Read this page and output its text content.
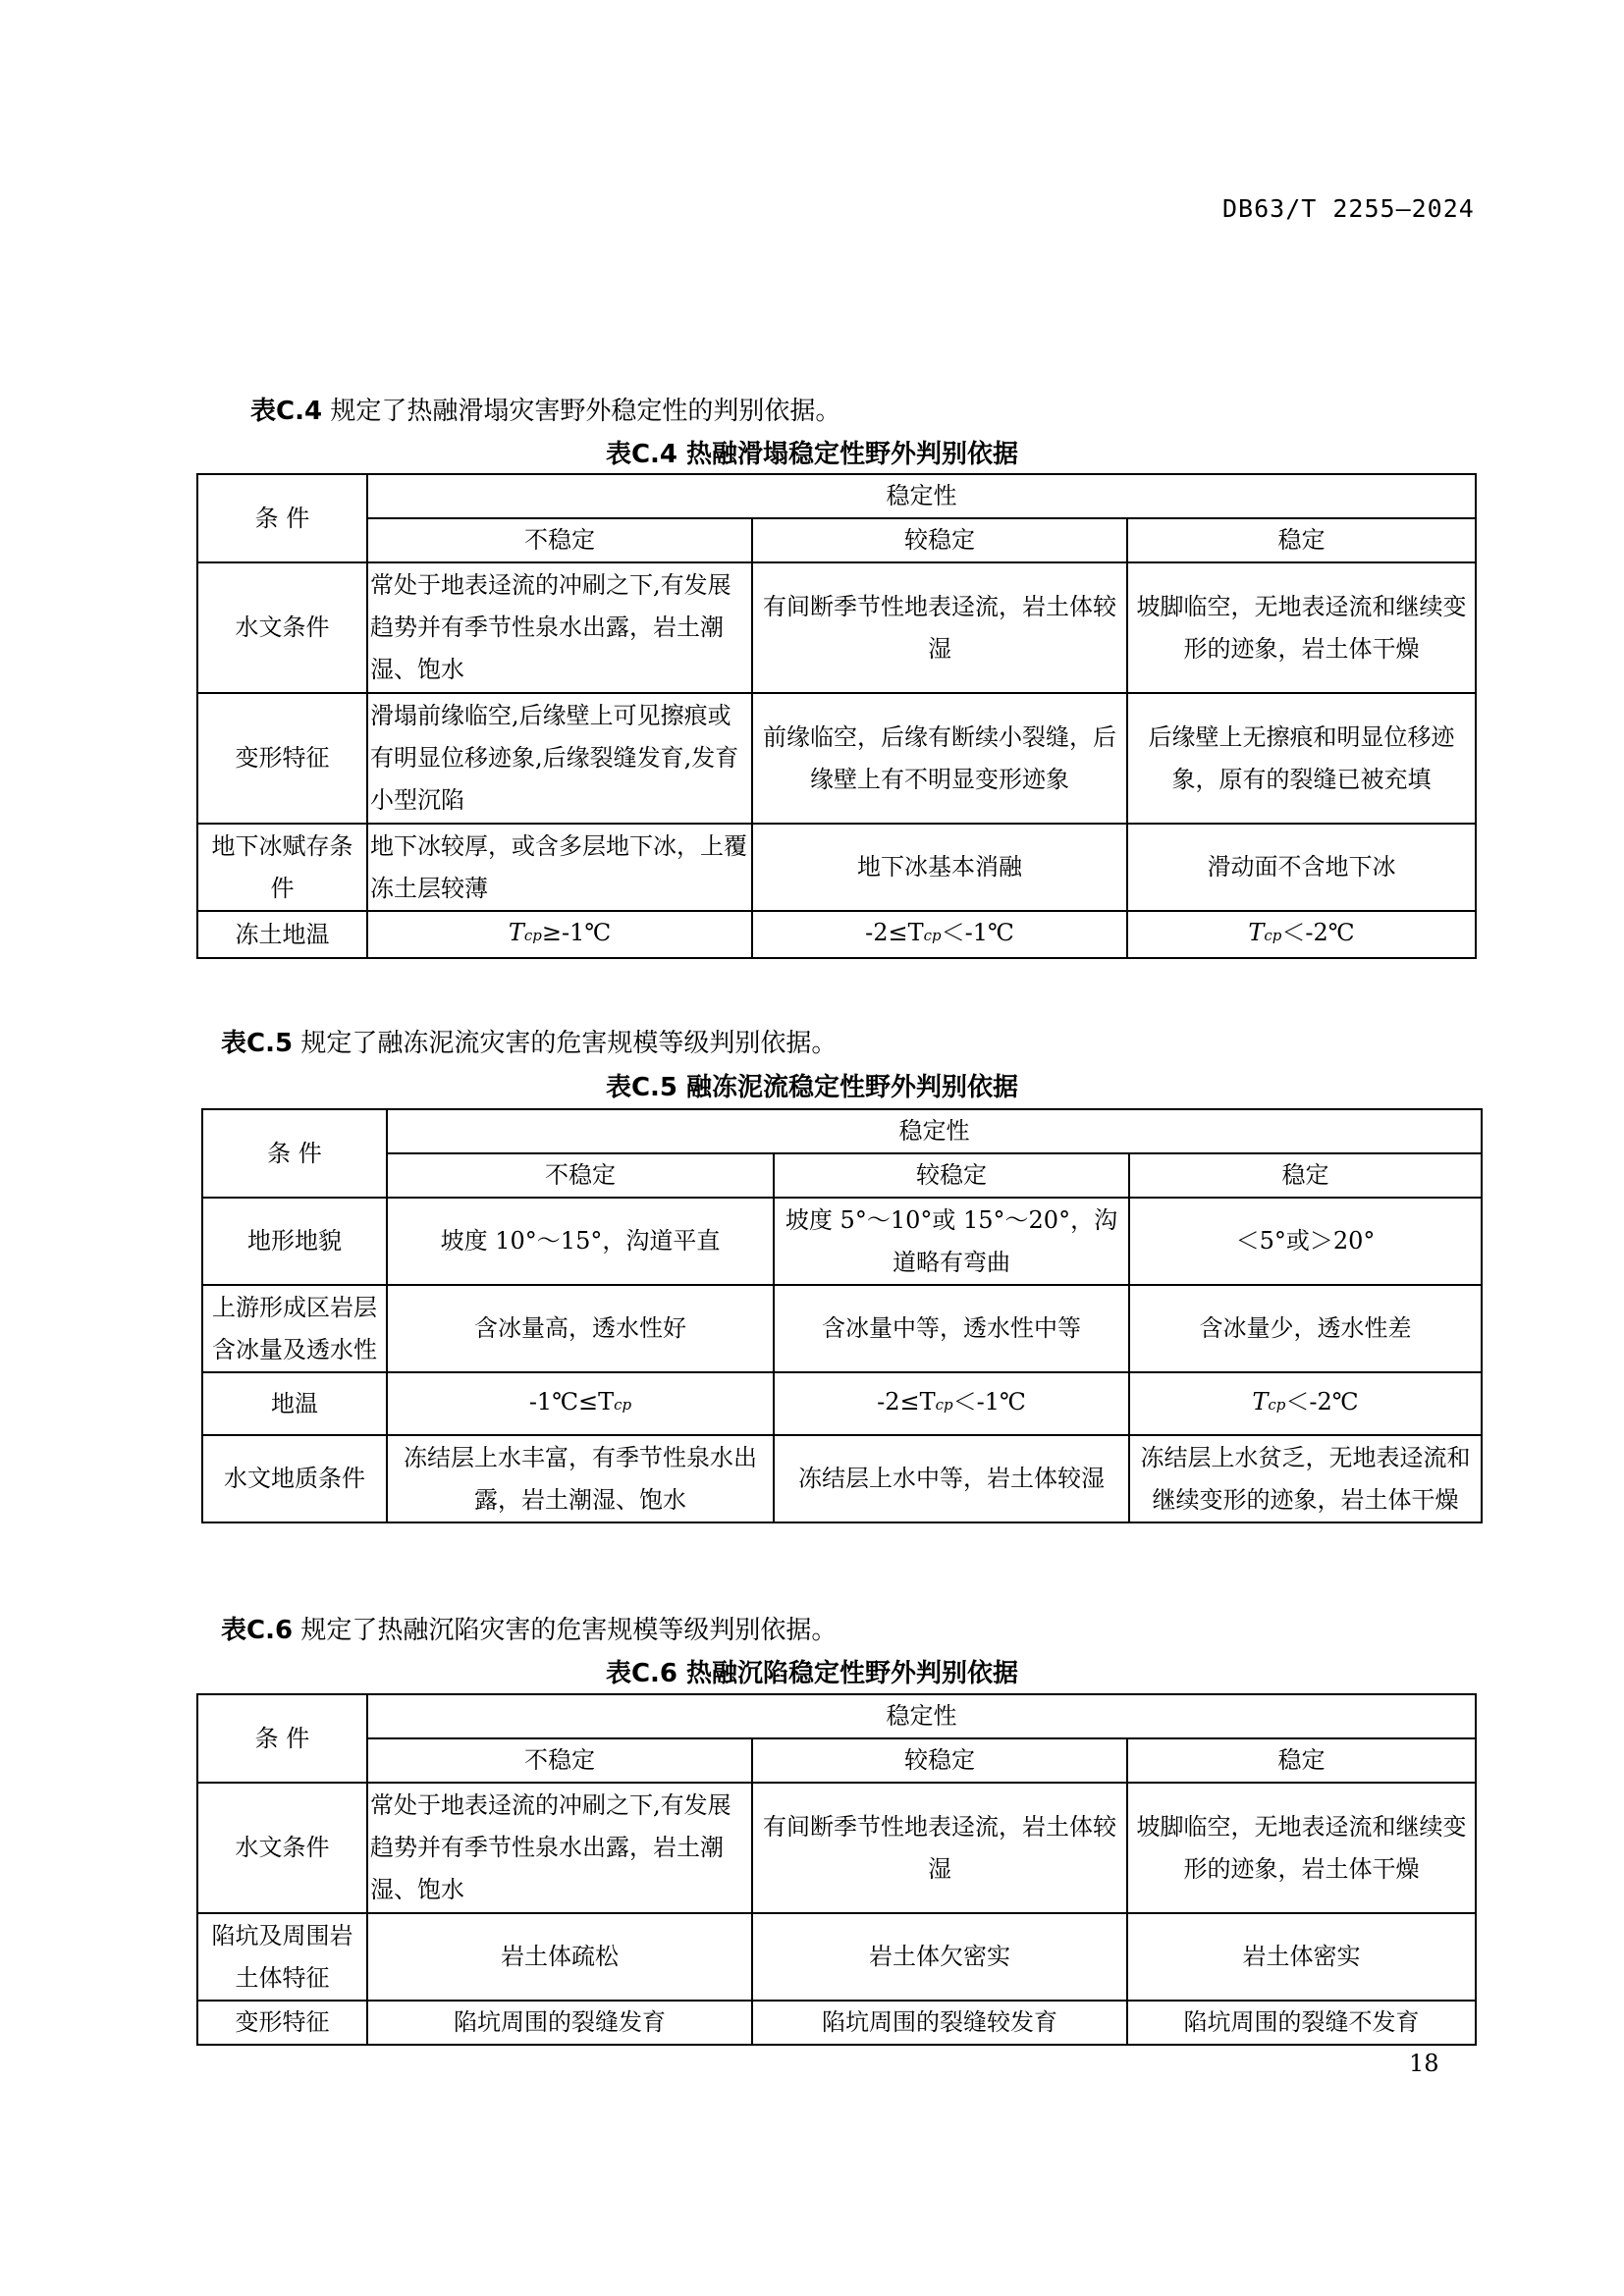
DB63/T 2255—2024
表C.4 规定了热融滑塌灾害野外稳定性的判别依据。
表C.4 热融滑塌稳定性野外判别依据
条 件	稳定性		
	不稳定	较稳定	稳定
水文条件	常处于地表迳流的冲刷之下,有发展趋势并有季节性泉水出露，岩土潮湿、饱水	有间断季节性地表迳流，岩土体较湿	坡脚临空，无地表迳流和继续变形的迹象，岩土体干燥
变形特征	滑塌前缘临空,后缘壁上可见擦痕或有明显位移迹象,后缘裂缝发育,发育小型沉陷	前缘临空，后缘有断续小裂缝，后缘壁上有不明显变形迹象	后缘壁上无擦痕和明显位移迹象，原有的裂缝已被充填
地下冰赋存条件	地下冰较厚，或含多层地下冰，上覆冻土层较薄	地下冰基本消融	滑动面不含地下冰
冻土地温	Tcp≥-1℃	-2≤Tcp＜-1℃	Tcp＜-2℃
表C.5 规定了融冻泥流灾害的危害规模等级判别依据。
表C.5 融冻泥流稳定性野外判别依据
条 件	稳定性		
	不稳定	较稳定	稳定
地形地貌	坡度 10°～15°，沟道平直	坡度 5°～10°或 15°～20°，沟道略有弯曲	＜5°或＞20°
上游形成区岩层含冰量及透水性	含冰量高，透水性好	含冰量中等，透水性中等	含冰量少，透水性差
地温	-1℃≤Tcp	-2≤Tcp＜-1℃	Tcp＜-2℃
水文地质条件	冻结层上水丰富，有季节性泉水出露，岩土潮湿、饱水	冻结层上水中等，岩土体较湿	冻结层上水贫乏，无地表迳流和继续变形的迹象，岩土体干燥
表C.6 规定了热融沉陷灾害的危害规模等级判别依据。
表C.6 热融沉陷稳定性野外判别依据
条 件	稳定性		
	不稳定	较稳定	稳定
水文条件	常处于地表迳流的冲刷之下,有发展趋势并有季节性泉水出露，岩土潮湿、饱水	有间断季节性地表迳流，岩土体较湿	坡脚临空，无地表迳流和继续变形的迹象，岩土体干燥
陷坑及周围岩土体特征	岩土体疏松	岩土体欠密实	岩土体密实
变形特征	陷坑周围的裂缝发育	陷坑周围的裂缝较发育	陷坑周围的裂缝不发育
18
